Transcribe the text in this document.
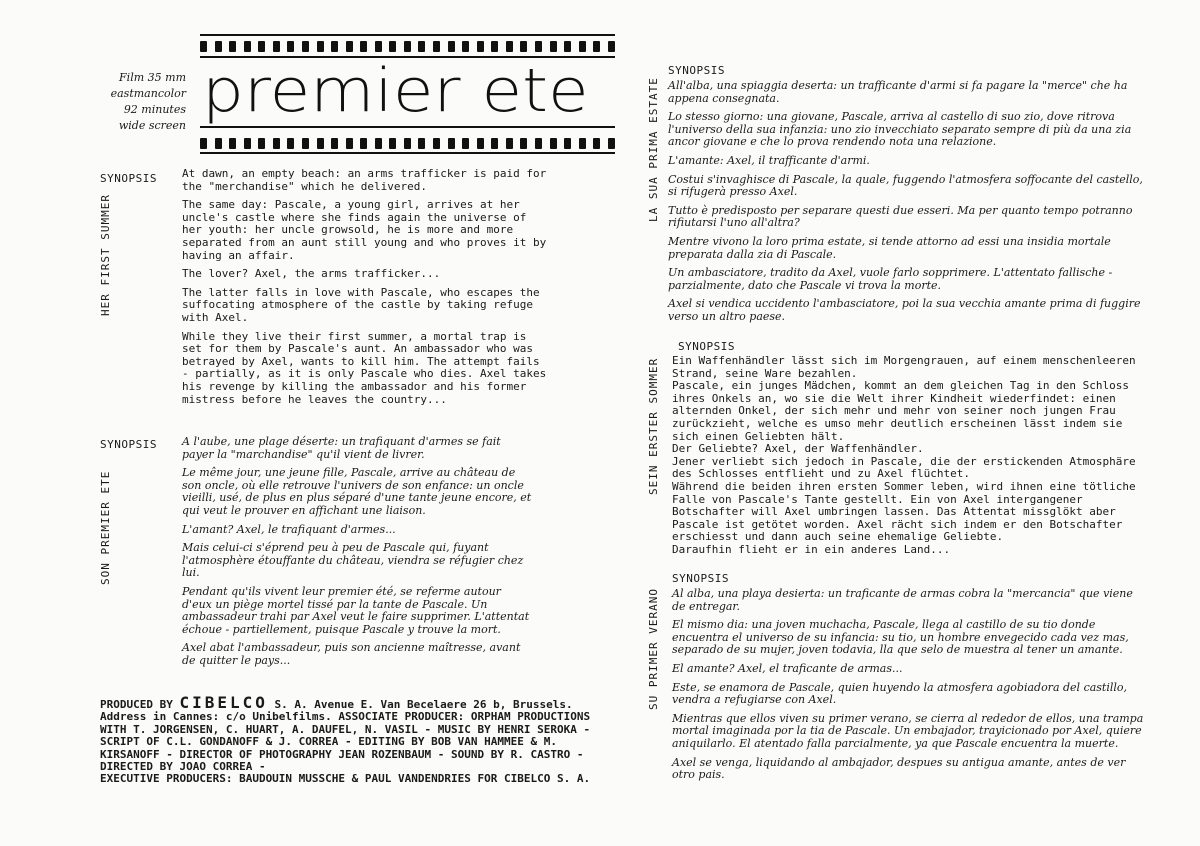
Film 35 mm
eastmancolor
92 minutes
wide screen premier ete
SYNOPSIS
HER FIRST SUMMER

At dawn, an empty beach: an arms trafficker is paid for the "merchandise" which he delivered.

The same day: Pascale, a young girl, arrives at her uncle's castle where she finds again the universe of her youth: her uncle growsold, he is more and more separated from an aunt still young and who proves it by having an affair.

The lover? Axel, the arms trafficker...

The latter falls in love with Pascale, who escapes the suffocating atmosphere of the castle by taking refuge with Axel.

While they live their first summer, a mortal trap is set for them by Pascale's aunt. An ambassador who was betrayed by Axel, wants to kill him. The attempt fails - partially, as it is only Pascale who dies. Axel takes his revenge by killing the ambassador and his former mistress before he leaves the country...

SYNOPSIS
SON PREMIER ETE

A l'aube, une plage déserte: un trafiquant d'armes se fait payer la "marchandise" qu'il vient de livrer.

Le même jour, une jeune fille, Pascale, arrive au château de son oncle, où elle retrouve l'univers de son enfance: un oncle vieilli, usé, de plus en plus séparé d'une tante jeune encore, et qui veut le prouver en affichant une liaison.

L'amant? Axel, le trafiquant d'armes...

Mais celui-ci s'éprend peu à peu de Pascale qui, fuyant l'atmosphère étouffante du château, viendra se réfugier chez lui.

Pendant qu'ils vivent leur premier été, se referme autour d'eux un piège mortel tissé par la tante de Pascale. Un ambassadeur trahi par Axel veut le faire supprimer. L'attentat échoue - partiellement, puisque Pascale y trouve la mort.

Axel abat l'ambassadeur, puis son ancienne maîtresse, avant de quitter le pays...

PRODUCED BY CIBELCO S. A. Avenue E. Van Becelaere 26 b, Brussels.
Address in Cannes: c/o Unibelfilms. ASSOCIATE PRODUCER: ORPHAM PRODUCTIONS
WITH T. JORGENSEN, C. HUART, A. DAUFEL, N. VASIL - MUSIC BY HENRI SEROKA -
SCRIPT OF C.L. GONDANOFF & J. CORREA - EDITING BY BOB VAN HAMMEE & M.
KIRSANOFF - DIRECTOR OF PHOTOGRAPHY JEAN ROZENBAUM - SOUND BY R. CASTRO -
DIRECTED BY JOAO CORREA -
EXECUTIVE PRODUCERS: BAUDOUIN MUSSCHE & PAUL VANDENDRIES FOR CIBELCO S. A.
SYNOPSIS
LA SUA PRIMA ESTATE All'alba, una spiaggia deserta: un trafficante d'armi si fa pagare la "merce" che ha appena consegnata.

Lo stesso giorno: una giovane, Pascale, arriva al castello di suo zio, dove ritrova l'universo della sua infanzia: uno zio invecchiato separato sempre di più da una zia ancor giovane e che lo prova rendendo nota una relazione.

L'amante: Axel, il trafficante d'armi.

Costui s'invaghisce di Pascale, la quale, fuggendo l'atmosfera soffocante del castello, si rifugerà presso Axel.

Tutto è predisposto per separare questi due esseri. Ma per quanto tempo potranno rifiutarsi l'uno all'altra?

Mentre vivono la loro prima estate, si tende attorno ad essi una insidia mortale preparata dalla zia di Pascale.

Un ambasciatore, tradito da Axel, vuole farlo sopprimere. L'attentato fallische - parzialmente, dato che Pascale vi trova la morte.

Axel si vendica uccidento l'ambasciatore, poi la sua vecchia amante prima di fuggire verso un altro paese.

SYNOPSIS
SEIN ERSTER SOMMER Ein Waffenhändler lässt sich im Morgengrauen, auf einem menschenleeren Strand, seine Ware bezahlen.

Pascale, ein junges Mädchen, kommt an dem gleichen Tag in den Schloss ihres Onkels an, wo sie die Welt ihrer Kindheit wiederfindet: einen alternden Onkel, der sich mehr und mehr von seiner noch jungen Frau zurückzieht, welche es umso mehr deutlich erscheinen lässt indem sie sich einen Geliebten hält.

Der Geliebte? Axel, der Waffenhändler.

Jener verliebt sich jedoch in Pascale, die der erstickenden Atmosphäre des Schlosses entflieht und zu Axel flüchtet.

Während die beiden ihren ersten Sommer leben, wird ihnen eine tötliche Falle von Pascale's Tante gestellt. Ein von Axel intergangener Botschafter will Axel umbringen lassen. Das Attentat missglökt aber Pascale ist getötet worden. Axel rächt sich indem er den Botschafter erschiesst und dann auch seine ehemalige Geliebte.

Daraufhin flieht er in ein anderes Land...

SYNOPSIS
SU PRIMER VERANO Al alba, una playa desierta: un traficante de armas cobra la "mercancia" que viene de entregar.

El mismo dia: una joven muchacha, Pascale, llega al castillo de su tio donde encuentra el universo de su infancia: su tio, un hombre envegecido cada vez mas, separado de su mujer, joven todavia, lla que selo de muestra al tener un amante.

El amante? Axel, el traficante de armas...

Este, se enamora de Pascale, quien huyendo la atmosfera agobiadora del castillo, vendra a refugiarse con Axel.

Mientras que ellos viven su primer verano, se cierra al rededor de ellos, una trampa mortal imaginada por la tia de Pascale. Un embajador, trayicionado por Axel, quiere aniquilarlo. El atentado falla parcialmente, ya que Pascale encuentra la muerte.

Axel se venga, liquidando al ambajador, despues su antigua amante, antes de ver otro pais.
